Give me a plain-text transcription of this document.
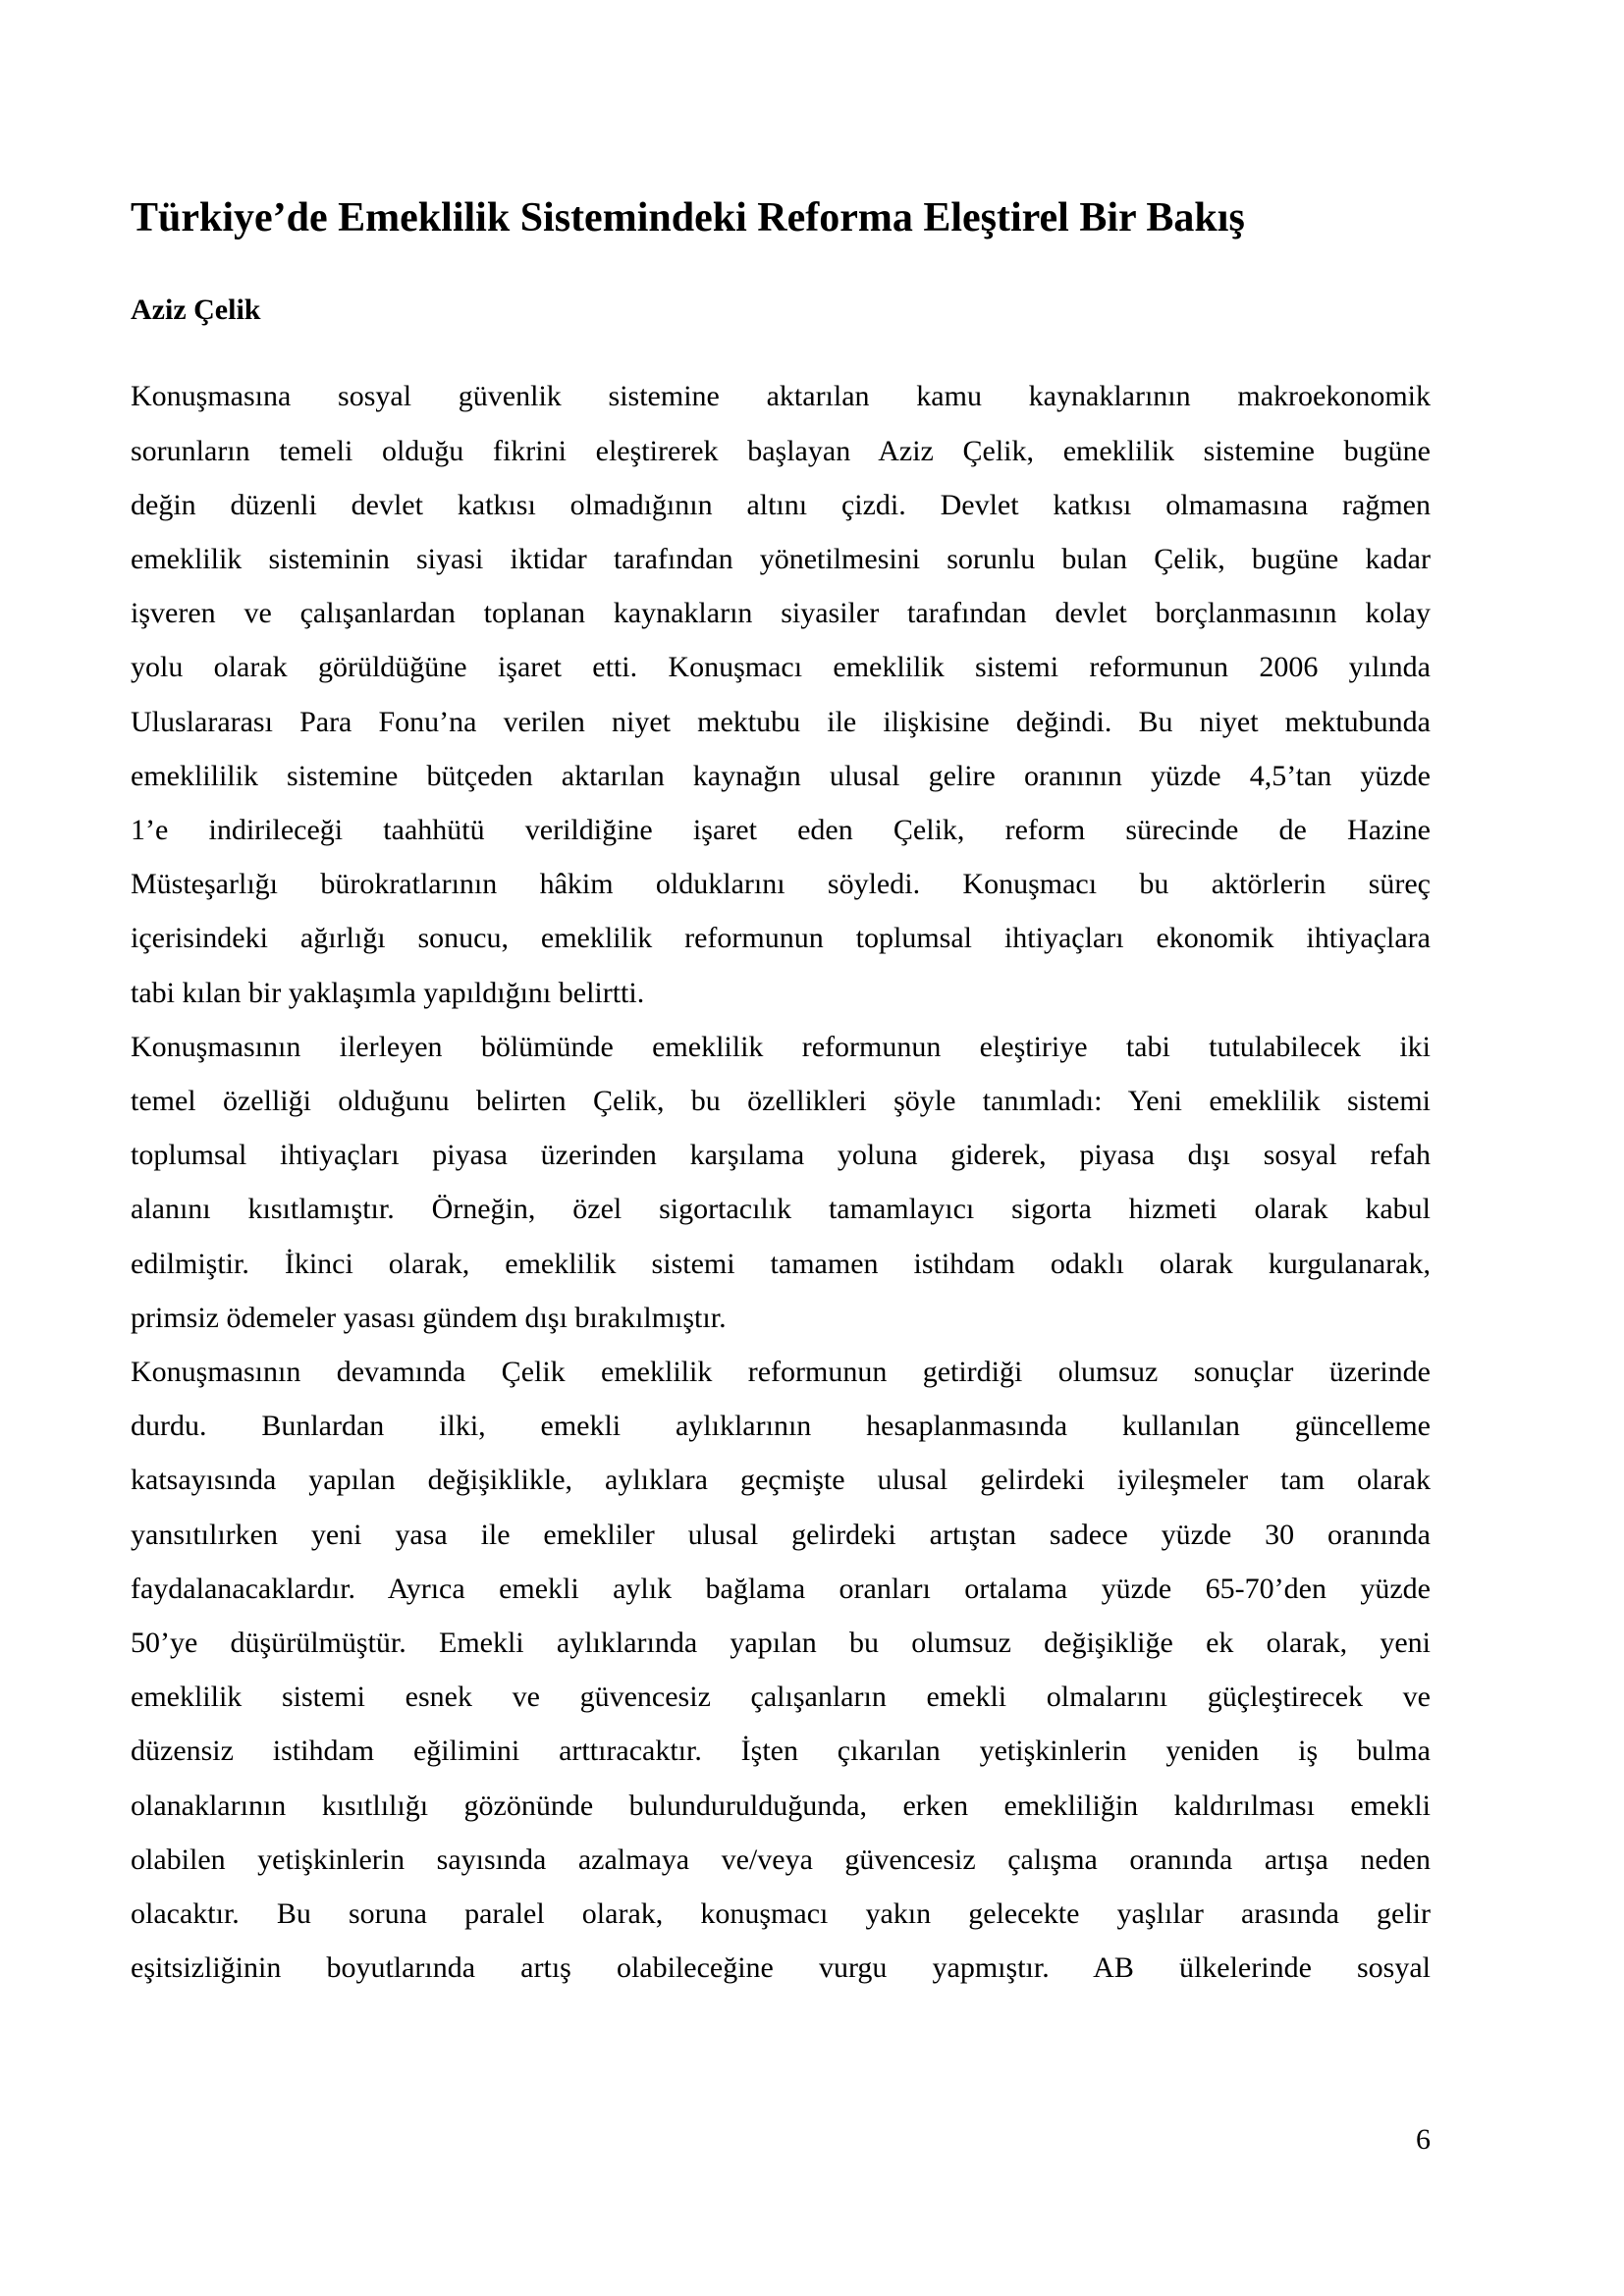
Türkiye’de Emeklilik Sistemindeki Reforma Eleştirel Bir Bakış
Aziz Çelik
Konuşmasına sosyal güvenlik sistemine aktarılan kamu kaynaklarının makroekonomik
sorunların temeli olduğu fikrini eleştirerek başlayan Aziz Çelik, emeklilik sistemine bugüne
değin düzenli devlet katkısı olmadığının altını çizdi. Devlet katkısı olmamasına rağmen
emeklilik sisteminin siyasi iktidar tarafından yönetilmesini sorunlu bulan Çelik, bugüne kadar
işveren ve çalışanlardan toplanan kaynakların siyasiler tarafından devlet borçlanmasının kolay
yolu olarak görüldüğüne işaret etti. Konuşmacı emeklilik sistemi reformunun 2006 yılında
Uluslararası Para Fonu’na verilen niyet mektubu ile ilişkisine değindi. Bu niyet mektubunda
emeklililik sistemine bütçeden aktarılan kaynağın ulusal gelire oranının yüzde 4,5’tan yüzde
1’e indirileceği taahhütü verildiğine işaret eden Çelik, reform sürecinde de Hazine
Müsteşarlığı bürokratlarının hâkim olduklarını söyledi. Konuşmacı bu aktörlerin süreç
içerisindeki ağırlığı sonucu, emeklilik reformunun toplumsal ihtiyaçları ekonomik ihtiyaçlara
tabi kılan bir yaklaşımla yapıldığını belirtti.
Konuşmasının ilerleyen bölümünde emeklilik reformunun eleştiriye tabi tutulabilecek iki
temel özelliği olduğunu belirten Çelik, bu özellikleri şöyle tanımladı: Yeni emeklilik sistemi
toplumsal ihtiyaçları piyasa üzerinden karşılama yoluna giderek, piyasa dışı sosyal refah
alanını kısıtlamıştır. Örneğin, özel sigortacılık tamamlayıcı sigorta hizmeti olarak kabul
edilmiştir. İkinci olarak, emeklilik sistemi tamamen istihdam odaklı olarak kurgulanarak,
primsiz ödemeler yasası gündem dışı bırakılmıştır.
Konuşmasının devamında Çelik emeklilik reformunun getirdiği olumsuz sonuçlar üzerinde
durdu. Bunlardan ilki, emekli aylıklarının hesaplanmasında kullanılan güncelleme
katsayısında yapılan değişiklikle, aylıklara geçmişte ulusal gelirdeki iyileşmeler tam olarak
yansıtılırken yeni yasa ile emekliler ulusal gelirdeki artıştan sadece yüzde 30 oranında
faydalanacaklardır. Ayrıca emekli aylık bağlama oranları ortalama yüzde 65-70’den yüzde
50’ye düşürülmüştür. Emekli aylıklarında yapılan bu olumsuz değişikliğe ek olarak, yeni
emeklilik sistemi esnek ve güvencesiz çalışanların emekli olmalarını güçleştirecek ve
düzensiz istihdam eğilimini arttıracaktır. İşten çıkarılan yetişkinlerin yeniden iş bulma
olanaklarının kısıtlılığı gözönünde bulundurulduğunda, erken emekliliğin kaldırılması emekli
olabilen yetişkinlerin sayısında azalmaya ve/veya güvencesiz çalışma oranında artışa neden
olacaktır. Bu soruna paralel olarak, konuşmacı yakın gelecekte yaşlılar arasında gelir
eşitsizliğinin boyutlarında artış olabileceğine vurgu yapmıştır. AB ülkelerinde sosyal
6
